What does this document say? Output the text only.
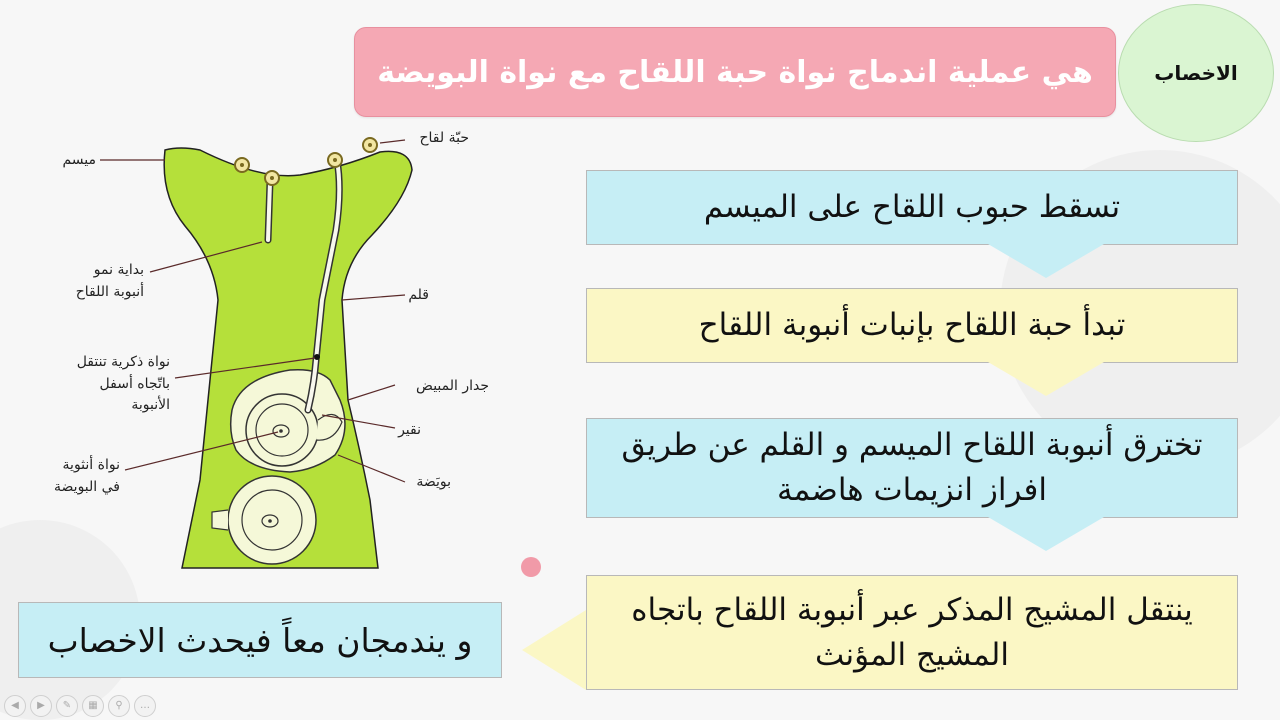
الاخصاب
هي عملية اندماج نواة حبة اللقاح مع نواة البويضة
تسقط حبوب اللقاح على الميسم
تبدأ حبة اللقاح بإنبات أنبوبة اللقاح
تخترق أنبوبة اللقاح الميسم و القلم عن طريق افراز انزيمات هاضمة
ينتقل المشيج المذكر عبر أنبوبة اللقاح باتجاه المشيج المؤنث
و يندمجان معاً فيحدث الاخصاب
ميسم
حبّة لقاح
بداية نمو
أنبوبة اللقاح	قلم
نواة ذكرية تنتقل
باتّجاه أسفل
الأنبوبة
جدار المبيض
نقير
نواة أنثوية
في البويضة	بويَضة
◀	▶	✎	▦	⚲	…
